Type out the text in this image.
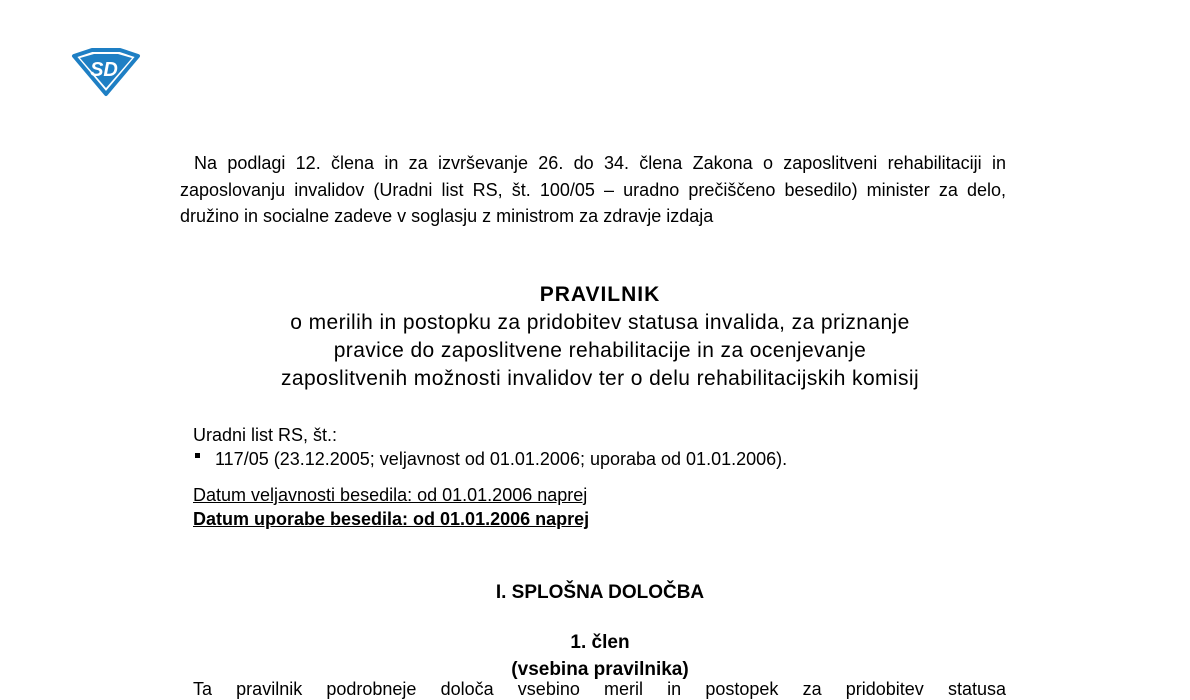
SD

Na podlagi 12. člena in za izvrševanje 26. do 34. člena Zakona o zaposlitveni rehabilitaciji in zaposlovanju invalidov (Uradni list RS, št. 100/05 – uradno prečiščeno besedilo) minister za delo, družino in socialne zadeve v soglasju z ministrom za zdravje izdaja

PRAVILNIK
o merilih in postopku za pridobitev statusa invalida, za priznanje
pravice do zaposlitvene rehabilitacije in za ocenjevanje
zaposlitvenih možnosti invalidov ter o delu rehabilitacijskih komisij
Uradni list RS, št.:
117/05 (23.12.2005; veljavnost od 01.01.2006; uporaba od 01.01.2006).
Datum veljavnosti besedila: od 01.01.2006 naprej
Datum uporabe besedila: od 01.01.2006 naprej
I. SPLOŠNA DOLOČBA
1. člen
(vsebina pravilnika)
Ta pravilnik podrobneje določa vsebino meril in postopek za pridobitev statusa
